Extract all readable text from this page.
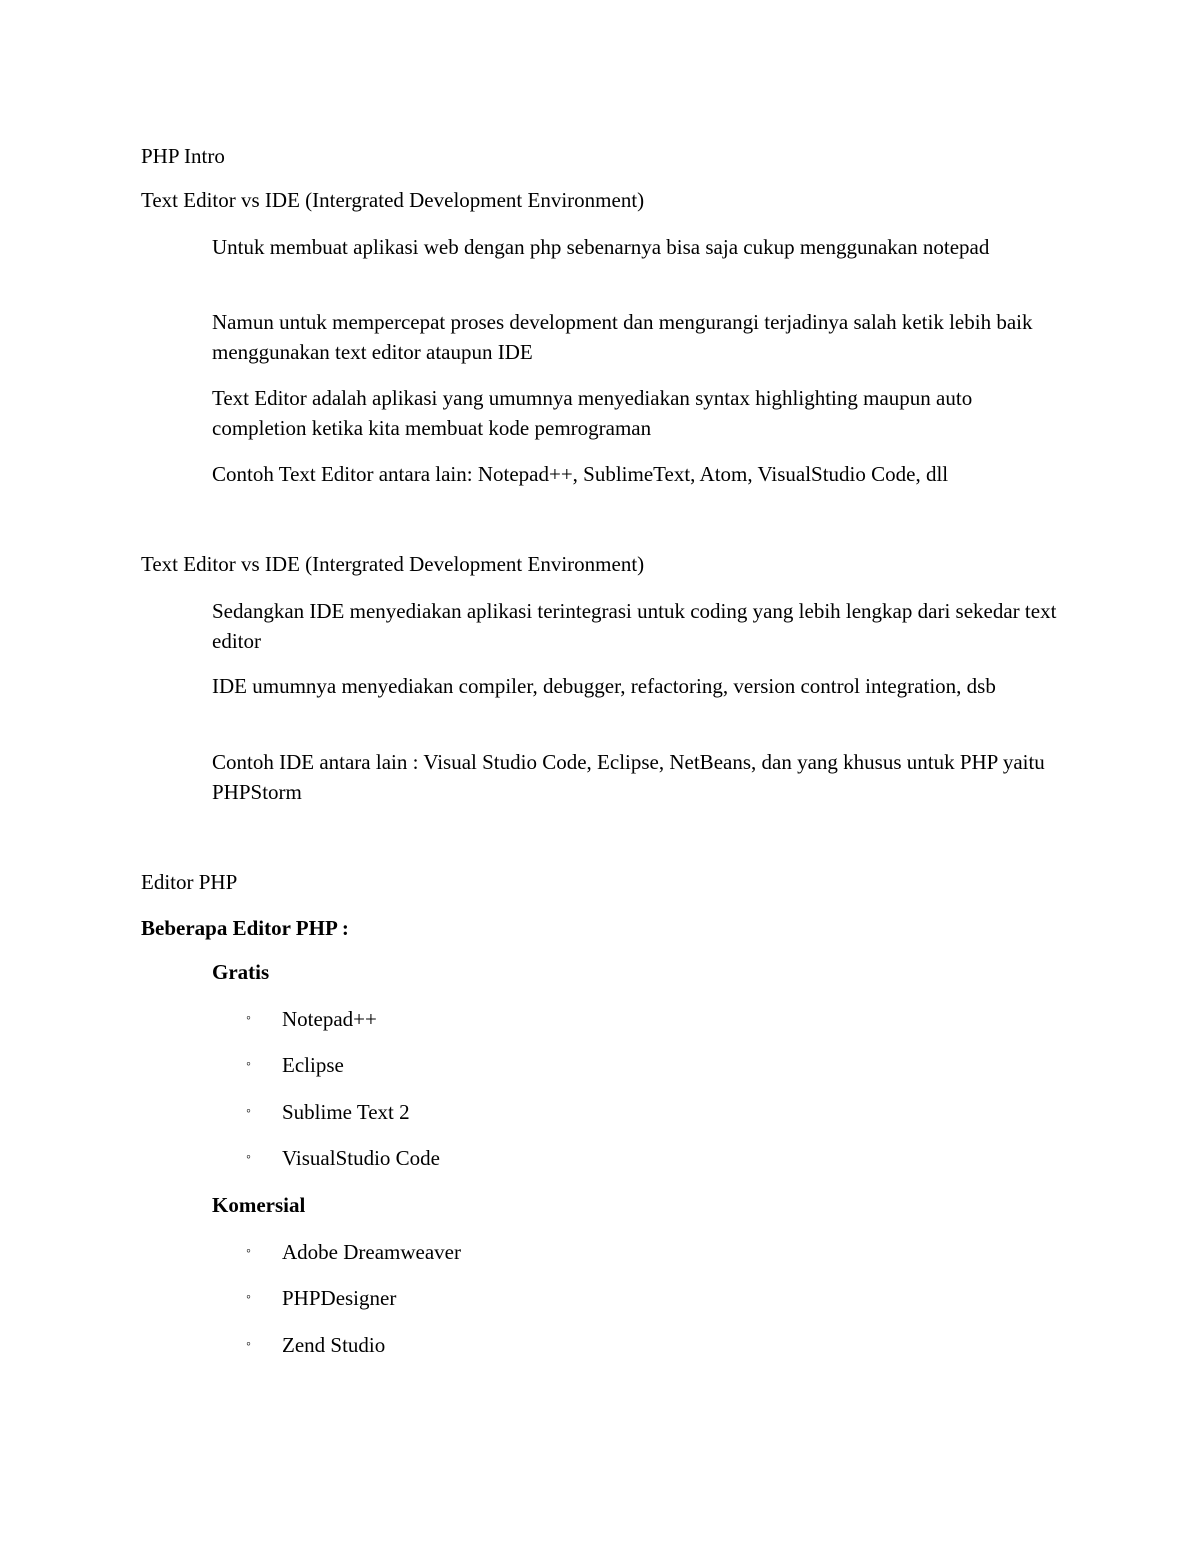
PHP Intro
Text Editor vs IDE (Intergrated Development Environment)
Untuk membuat aplikasi web dengan php sebenarnya bisa saja cukup menggunakan notepad
Namun untuk mempercepat proses development dan mengurangi terjadinya salah ketik lebih baik menggunakan text editor ataupun IDE
Text Editor adalah aplikasi yang umumnya menyediakan syntax highlighting maupun auto completion ketika kita membuat kode pemrograman
Contoh Text Editor antara lain: Notepad++, SublimeText, Atom, VisualStudio Code, dll
Text Editor vs IDE (Intergrated Development Environment)
Sedangkan IDE menyediakan aplikasi terintegrasi untuk coding yang lebih lengkap dari sekedar text editor
IDE umumnya menyediakan compiler, debugger, refactoring, version control integration, dsb
Contoh IDE antara lain : Visual Studio Code, Eclipse, NetBeans, dan yang khusus untuk PHP yaitu PHPStorm
Editor PHP
Beberapa Editor PHP :
Gratis
◦ Notepad++
◦ Eclipse
◦ Sublime Text 2
◦ VisualStudio Code
Komersial
◦ Adobe Dreamweaver
◦ PHPDesigner
◦ Zend Studio
